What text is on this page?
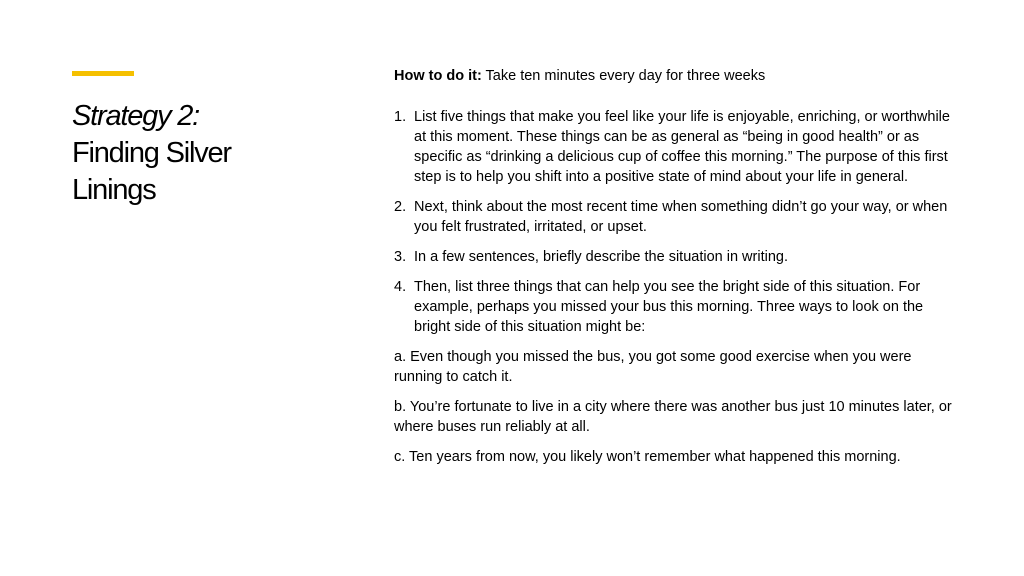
Strategy 2:
Finding Silver
Linings

How to do it: Take ten minutes every day for three weeks

1. List five things that make you feel like your life is enjoyable, enriching, or worthwhile at this moment. These things can be as general as “being in good health” or as specific as “drinking a delicious cup of coffee this morning.” The purpose of this first step is to help you shift into a positive state of mind about your life in general.
2. Next, think about the most recent time when something didn’t go your way, or when you felt frustrated, irritated, or upset.
3. In a few sentences, briefly describe the situation in writing.
4. Then, list three things that can help you see the bright side of this situation. For example, perhaps you missed your bus this morning. Three ways to look on the bright side of this situation might be:

a. Even though you missed the bus, you got some good exercise when you were running to catch it.

b. You’re fortunate to live in a city where there was another bus just 10 minutes later, or where buses run reliably at all.

c. Ten years from now, you likely won’t remember what happened this morning.
